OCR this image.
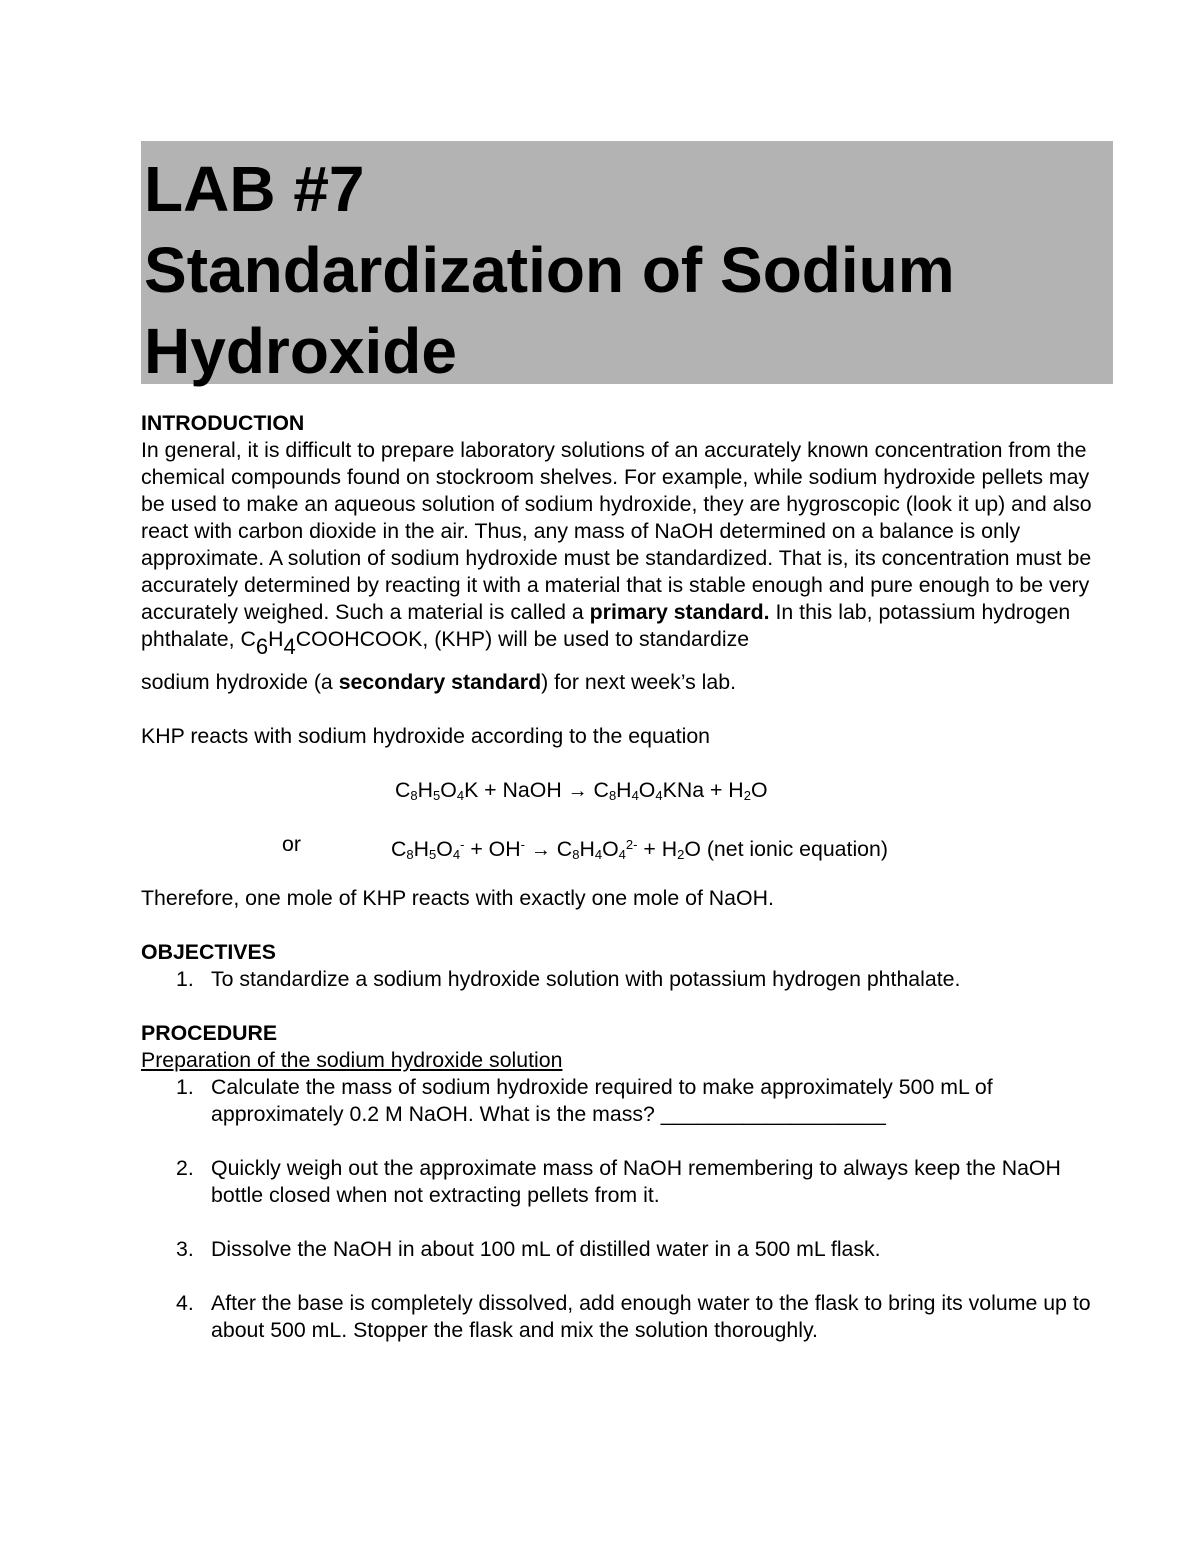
LAB #7
Standardization of Sodium
Hydroxide
INTRODUCTION

In general, it is difficult to prepare laboratory solutions of an accurately known concentration from the chemical compounds found on stockroom shelves. For example, while sodium hydroxide pellets may be used to make an aqueous solution of sodium hydroxide, they are hygroscopic (look it up) and also react with carbon dioxide in the air. Thus, any mass of NaOH determined on a balance is only approximate. A solution of sodium hydroxide must be standardized. That is, its concentration must be accurately determined by reacting it with a material that is stable enough and pure enough to be very accurately weighed. Such a material is called a primary standard. In this lab, potassium hydrogen phthalate, C6H4COOHCOOK, (KHP) will be used to standardize

sodium hydroxide (a secondary standard) for next week’s lab.

KHP reacts with sodium hydroxide according to the equation

C8H5O4K + NaOH → C8H4O4KNa + H2O
or	$C8H5O4^- + OH^- \to C8H4O4^{2-} + H2O$ (net ionic equation)

Therefore, one mole of KHP reacts with exactly one mole of NaOH.

OBJECTIVES
1. To standardize a sodium hydroxide solution with potassium hydrogen phthalate.
PROCEDURE
Preparation of the sodium hydroxide solution
1. Calculate the mass of sodium hydroxide required to make approximately 500 mL of approximately 0.2 M NaOH. What is the mass? ___________________
2. Quickly weigh out the approximate mass of NaOH remembering to always keep the NaOH bottle closed when not extracting pellets from it.
3. Dissolve the NaOH in about 100 mL of distilled water in a 500 mL flask.
4. After the base is completely dissolved, add enough water to the flask to bring its volume up to about 500 mL. Stopper the flask and mix the solution thoroughly.
